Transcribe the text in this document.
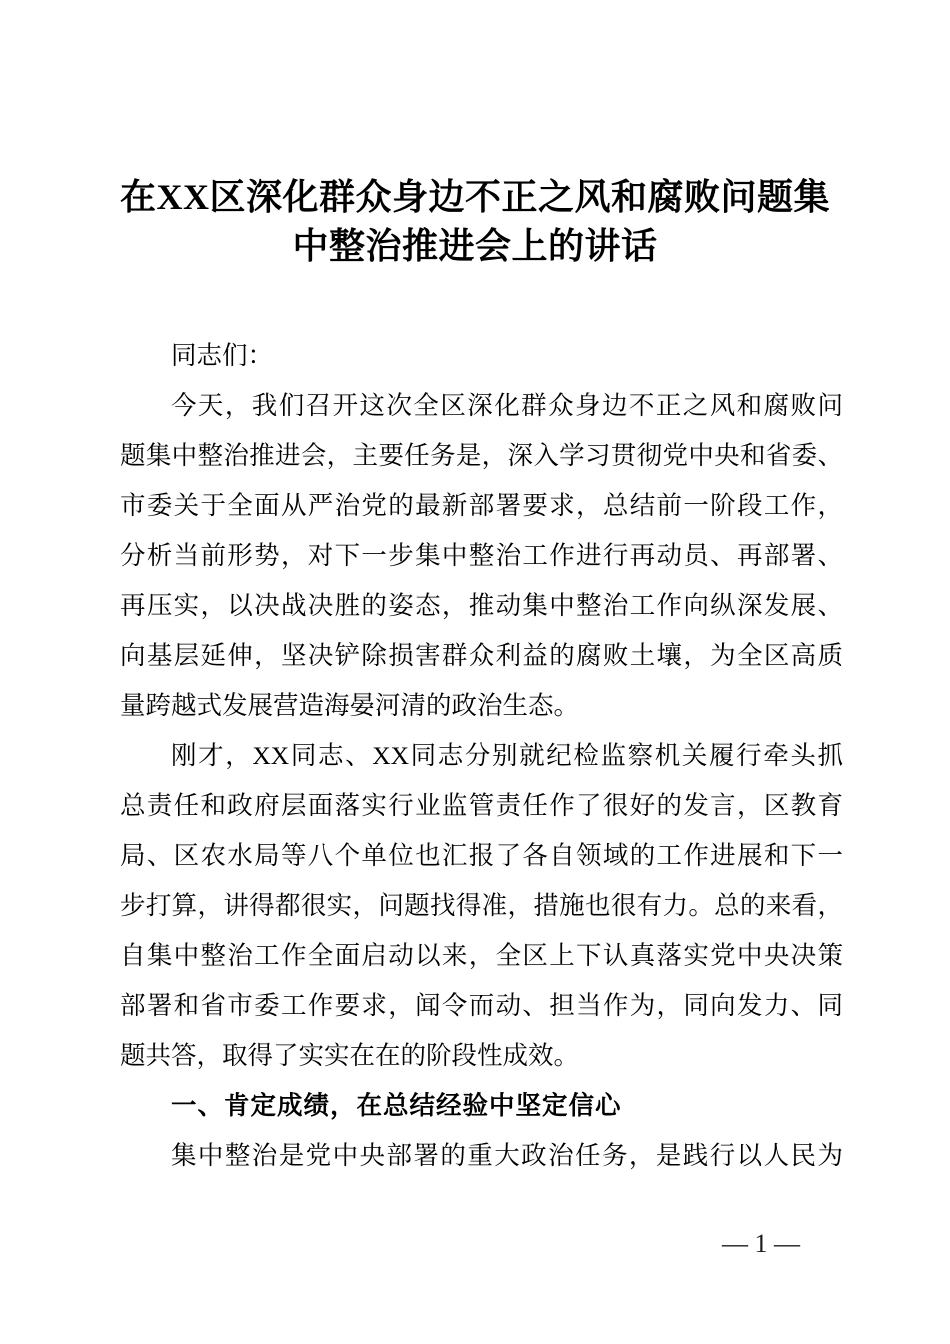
在XX区深化群众身边不正之风和腐败问题集
中整治推进会上的讲话
同志们：
今天，我们召开这次全区深化群众身边不正之风和腐败问
题集中整治推进会，主要任务是，深入学习贯彻党中央和省委、
市委关于全面从严治党的最新部署要求，总结前一阶段工作，
分析当前形势，对下一步集中整治工作进行再动员、再部署、
再压实，以决战决胜的姿态，推动集中整治工作向纵深发展、
向基层延伸，坚决铲除损害群众利益的腐败土壤，为全区高质
量跨越式发展营造海晏河清的政治生态。
刚才，XX同志、XX同志分别就纪检监察机关履行牵头抓
总责任和政府层面落实行业监管责任作了很好的发言，区教育
局、区农水局等八个单位也汇报了各自领域的工作进展和下一
步打算，讲得都很实，问题找得准，措施也很有力。总的来看，
自集中整治工作全面启动以来，全区上下认真落实党中央决策
部署和省市委工作要求，闻令而动、担当作为，同向发力、同
题共答，取得了实实在在的阶段性成效。
一、肯定成绩，在总结经验中坚定信心
集中整治是党中央部署的重大政治任务，是践行以人民为
— 1 —
